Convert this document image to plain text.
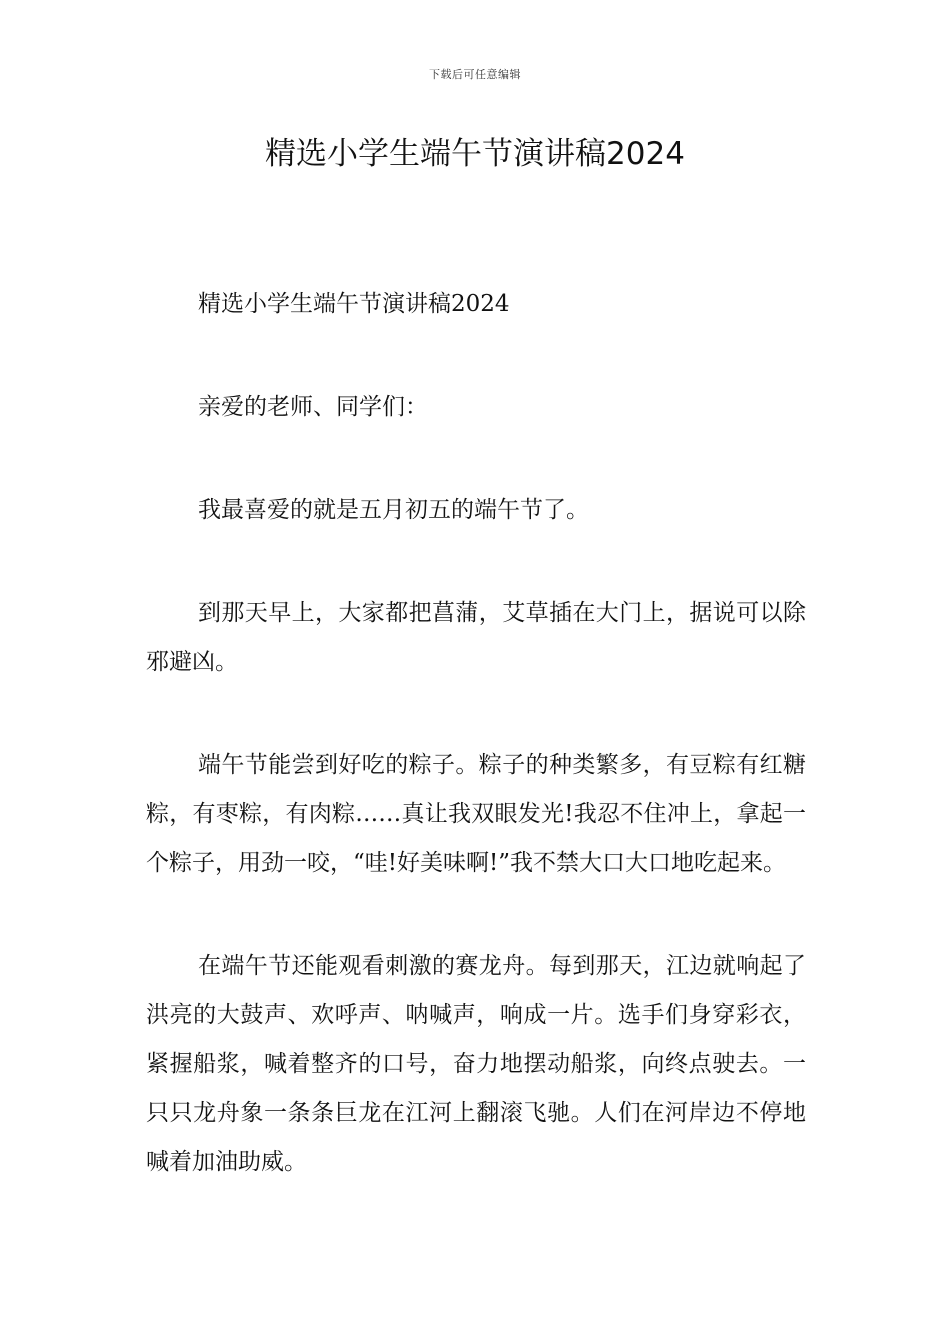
下载后可任意编辑
精选小学生端午节演讲稿2024

精选小学生端午节演讲稿2024

亲爱的老师、同学们：

我最喜爱的就是五月初五的端午节了。

到那天早上，大家都把菖蒲，艾草插在大门上，据说可以除邪避凶。

端午节能尝到好吃的粽子。粽子的种类繁多，有豆粽有红糖粽，有枣粽，有肉粽……真让我双眼发光!我忍不住冲上，拿起一个粽子，用劲一咬，“哇!好美味啊!”我不禁大口大口地吃起来。

在端午节还能观看刺激的赛龙舟。每到那天，江边就响起了洪亮的大鼓声、欢呼声、呐喊声，响成一片。选手们身穿彩衣，紧握船浆，喊着整齐的口号，奋力地摆动船浆，向终点驶去。一只只龙舟象一条条巨龙在江河上翻滚飞驰。人们在河岸边不停地喊着加油助威。
